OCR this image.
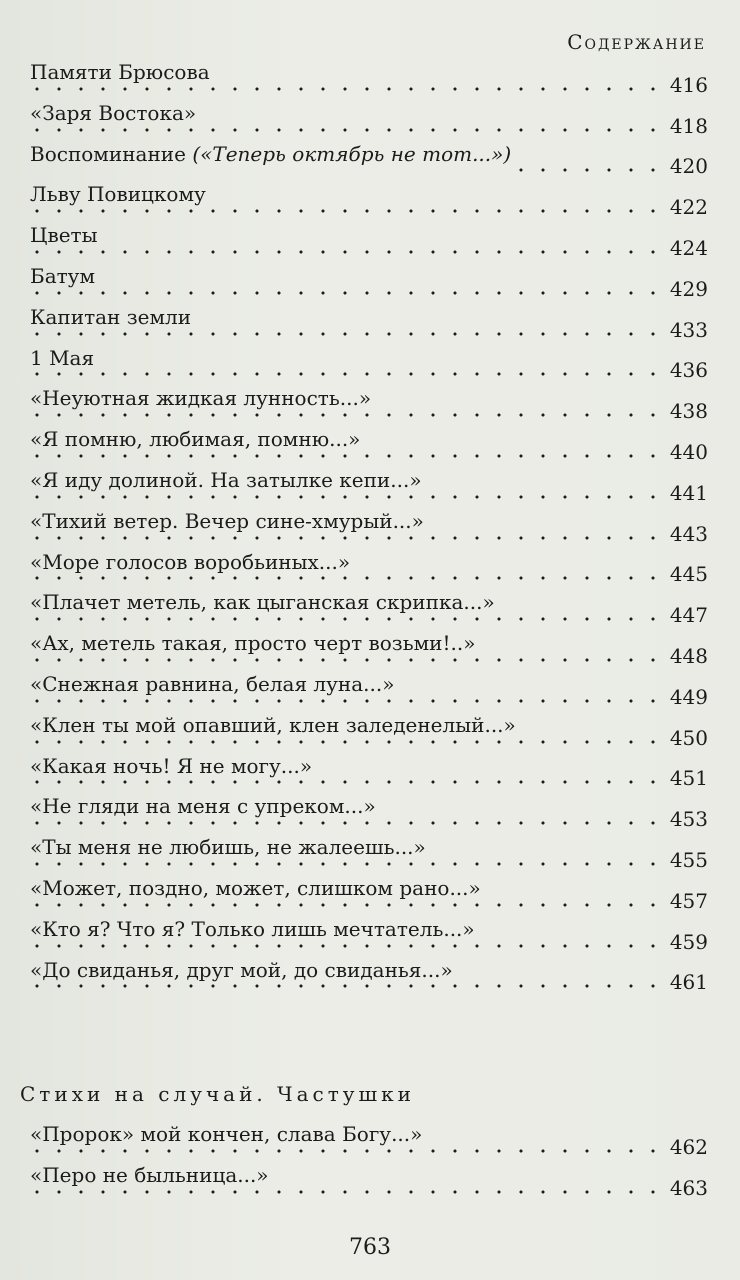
Содержание
Памяти Брюсова
416
«Заря Востока»
418
Воспоминание («Теперь октябрь не тот...»)
420
Льву Повицкому
422
Цветы
424
Батум
429
Капитан земли
433
1 Мая
436
«Неуютная жидкая лунность...»
438
«Я помню, любимая, помню...»
440
«Я иду долиной. На затылке кепи...»
441
«Тихий ветер. Вечер сине-хмурый...»
443
«Море голосов воробьиных...»
445
«Плачет метель, как цыганская скрипка...»
447
«Ах, метель такая, просто черт возьми!..»
448
«Снежная равнина, белая луна...»
449
«Клен ты мой опавший, клен заледенелый...»
450
«Какая ночь! Я не могу...»
451
«Не гляди на меня с упреком...»
453
«Ты меня не любишь, не жалеешь...»
455
«Может, поздно, может, слишком рано...»
457
«Кто я? Что я? Только лишь мечтатель...»
459
«До свиданья, друг мой, до свиданья...»
461
Стихи на случай. Частушки
«Пророк» мой кончен, слава Богу...»
462
«Перо не быльница...»
463
763
